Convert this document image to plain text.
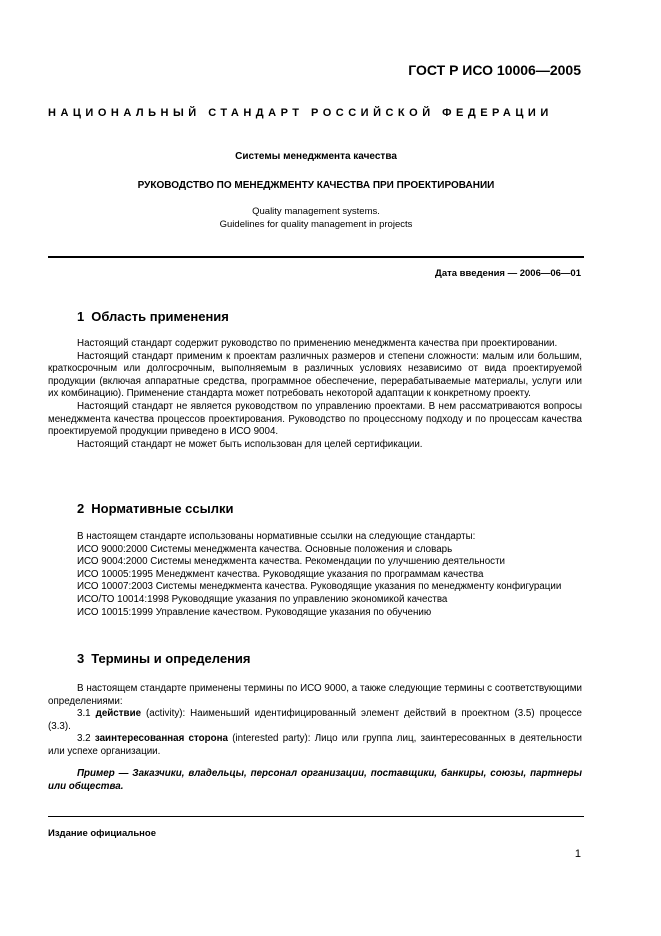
ГОСТ Р ИСО 10006—2005
НАЦИОНАЛЬНЫЙ СТАНДАРТ РОССИЙСКОЙ ФЕДЕРАЦИИ
Системы менеджмента качества
РУКОВОДСТВО ПО МЕНЕДЖМЕНТУ КАЧЕСТВА ПРИ ПРОЕКТИРОВАНИИ
Quality management systems.
Guidelines for quality management in projects
Дата введения — 2006—06—01
1 Область применения

Настоящий стандарт содержит руководство по применению менеджмента качества при проектировании.

Настоящий стандарт применим к проектам различных размеров и степени сложности: малым или большим, краткосрочным или долгосрочным, выполняемым в различных условиях независимо от вида проектируемой продукции (включая аппаратные средства, программное обеспечение, перерабатываемые материалы, услуги или их комбинацию). Применение стандарта может потребовать некоторой адаптации к конкретному проекту.

Настоящий стандарт не является руководством по управлению проектами. В нем рассматриваются вопросы менеджмента качества процессов проектирования. Руководство по процессному подходу и по процессам качества проектируемой продукции приведено в ИСО 9004.

Настоящий стандарт не может быть использован для целей сертификации.

2 Нормативные ссылки

В настоящем стандарте использованы нормативные ссылки на следующие стандарты:

ИСО 9000:2000 Системы менеджмента качества. Основные положения и словарь

ИСО 9004:2000 Системы менеджмента качества. Рекомендации по улучшению деятельности

ИСО 10005:1995 Менеджмент качества. Руководящие указания по программам качества

ИСО 10007:2003 Системы менеджмента качества. Руководящие указания по менеджменту конфигурации

ИСО/ТО 10014:1998 Руководящие указания по управлению экономикой качества

ИСО 10015:1999 Управление качеством. Руководящие указания по обучению

3 Термины и определения

В настоящем стандарте применены термины по ИСО 9000, а также следующие термины с соответствующими определениями:

3.1 действие (activity): Наименьший идентифицированный элемент действий в проектном (3.5) процессе (3.3).

3.2 заинтересованная сторона (interested party): Лицо или группа лиц, заинтересованных в деятельности или успехе организации.

Пример — Заказчики, владельцы, персонал организации, поставщики, банкиры, союзы, партнеры или общества.

Издание официальное
1
